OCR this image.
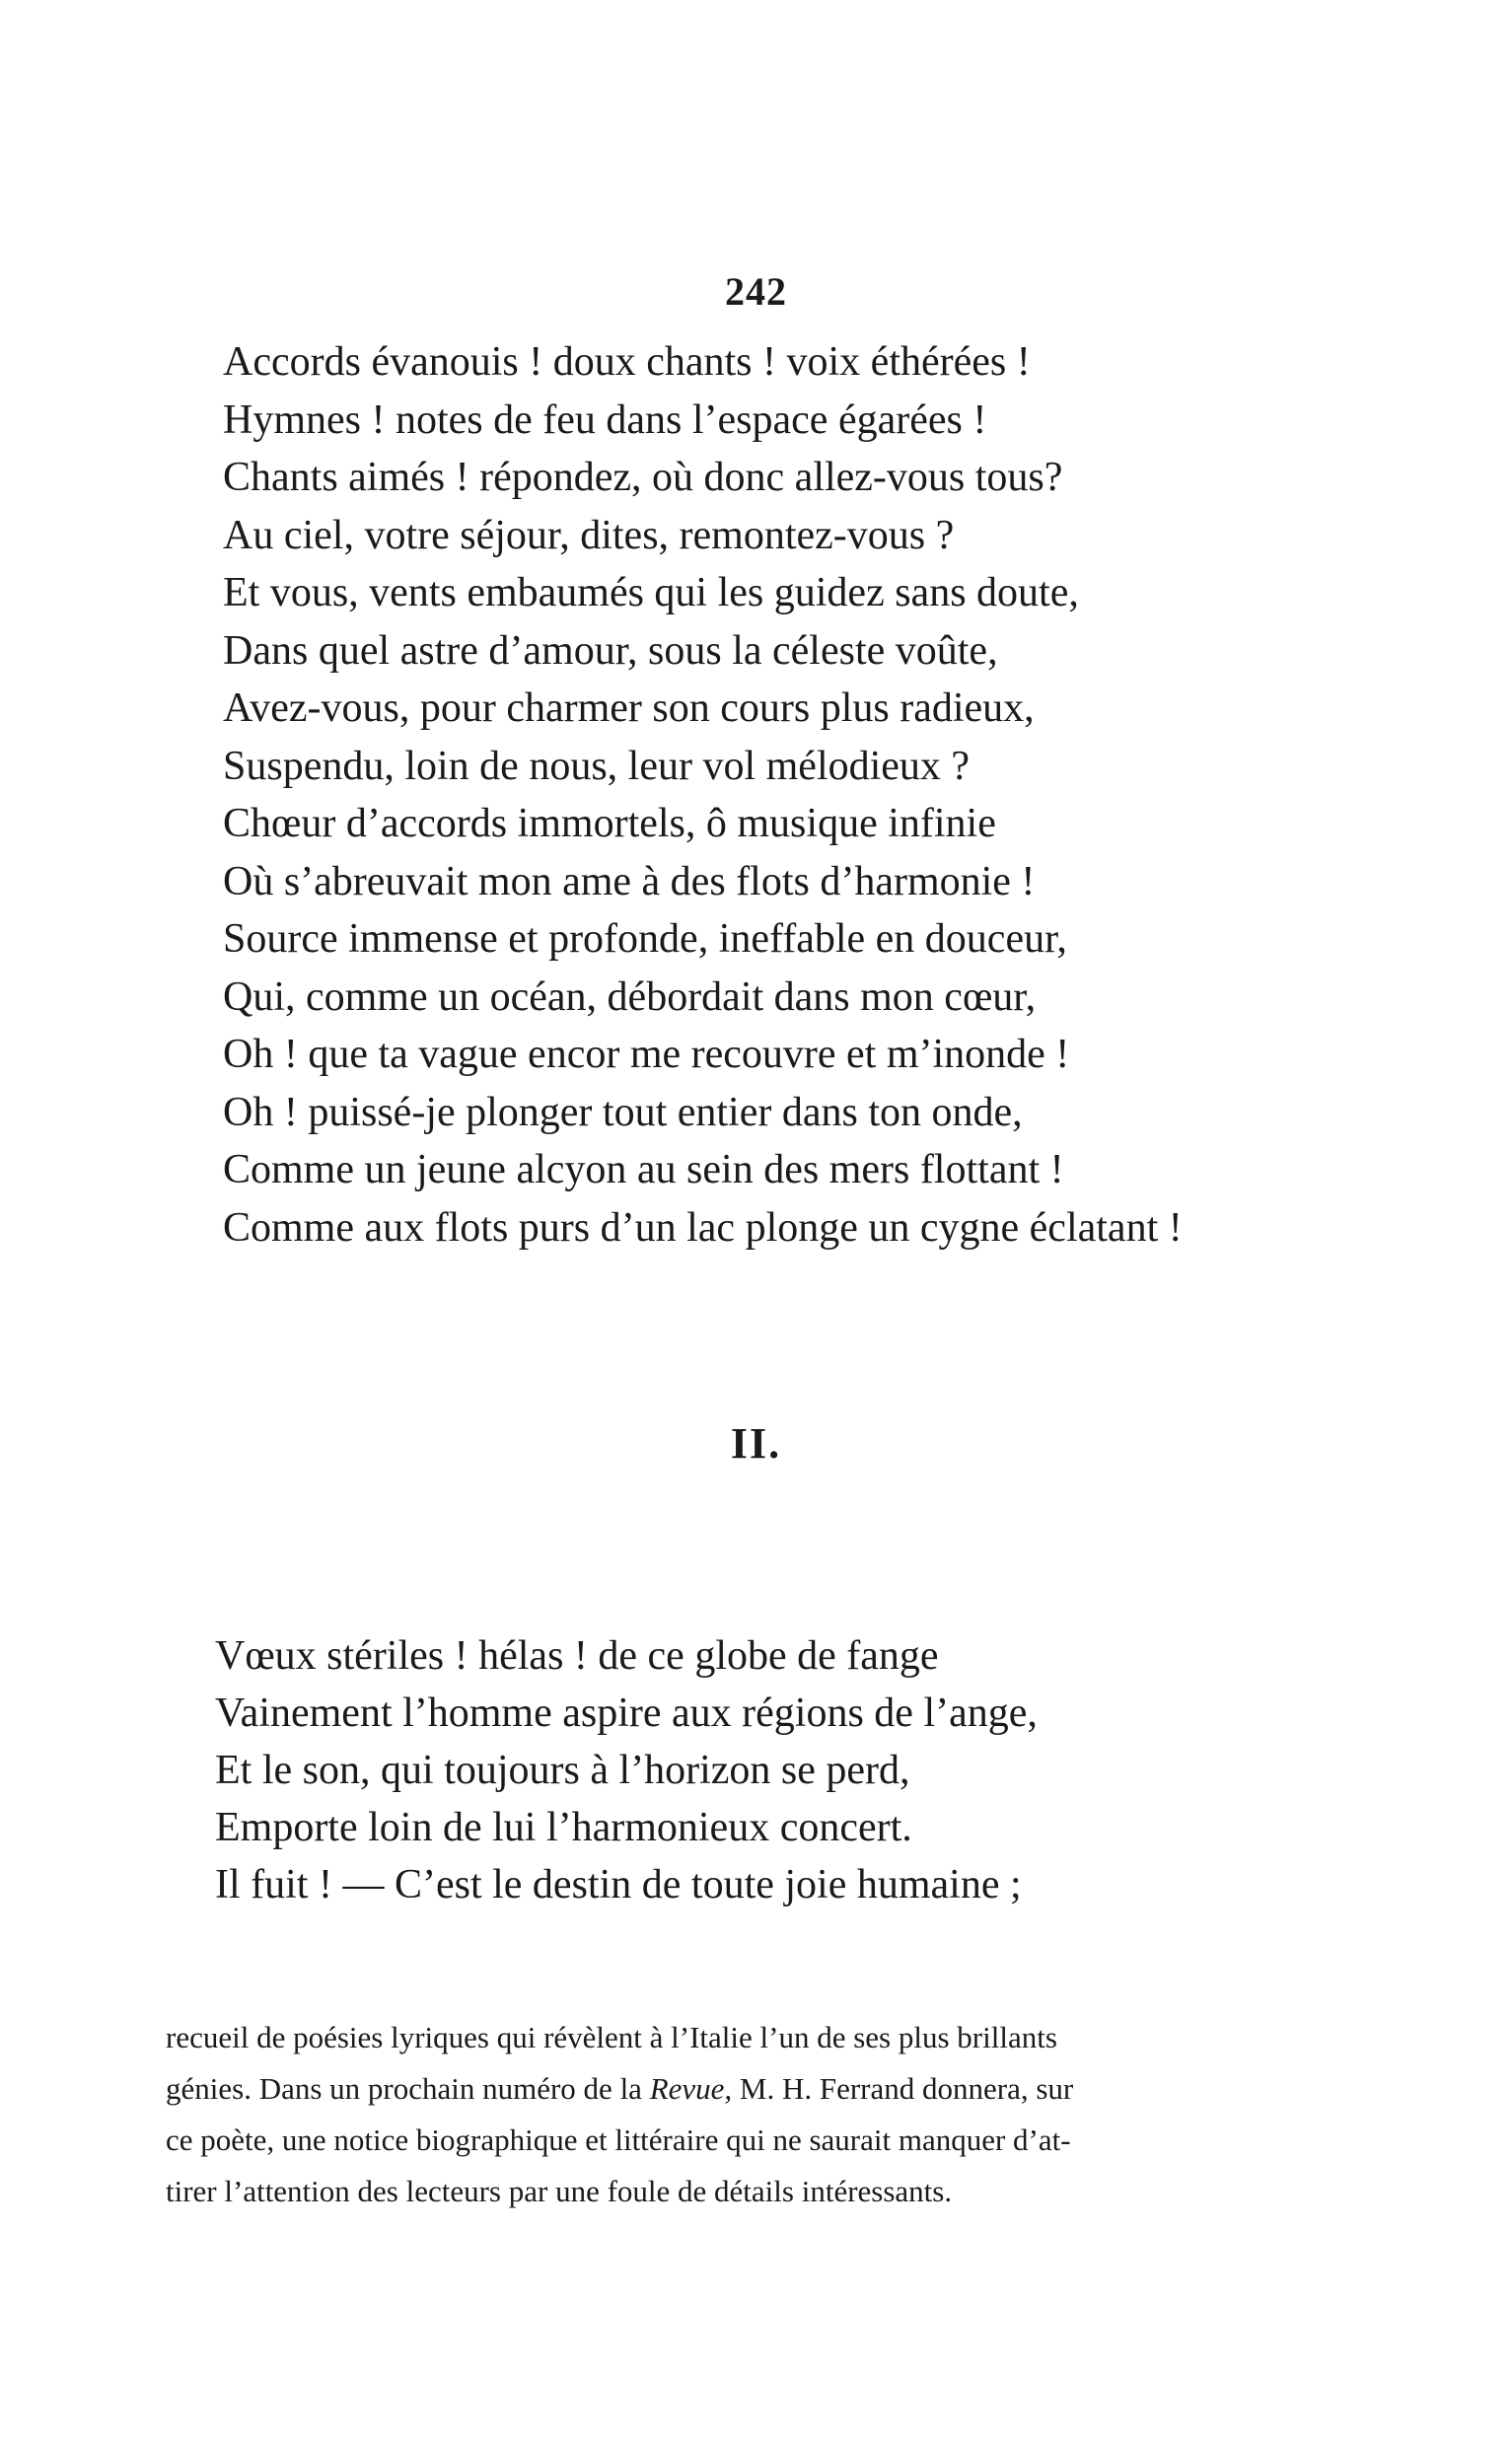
242
Accords évanouis ! doux chants ! voix éthérées !
Hymnes ! notes de feu dans l’espace égarées !
Chants aimés ! répondez, où donc allez-vous tous?
Au ciel, votre séjour, dites, remontez-vous ?
Et vous, vents embaumés qui les guidez sans doute,
Dans quel astre d’amour, sous la céleste voûte,
Avez-vous, pour charmer son cours plus radieux,
Suspendu, loin de nous, leur vol mélodieux ?
Chœur d’accords immortels, ô musique infinie
Où s’abreuvait mon ame à des flots d’harmonie !
Source immense et profonde, ineffable en douceur,
Qui, comme un océan, débordait dans mon cœur,
Oh ! que ta vague encor me recouvre et m’inonde !
Oh ! puissé-je plonger tout entier dans ton onde,
Comme un jeune alcyon au sein des mers flottant !
Comme aux flots purs d’un lac plonge un cygne éclatant !
II.
Vœux stériles ! hélas ! de ce globe de fange
Vainement l’homme aspire aux régions de l’ange,
Et le son, qui toujours à l’horizon se perd,
Emporte loin de lui l’harmonieux concert.
Il fuit ! — C’est le destin de toute joie humaine ;
recueil de poésies lyriques qui révèlent à l’Italie l’un de ses plus brillants
génies. Dans un prochain numéro de la Revue, M. H. Ferrand donnera, sur
ce poète, une notice biographique et littéraire qui ne saurait manquer d’at-
tirer l’attention des lecteurs par une foule de détails intéressants.
